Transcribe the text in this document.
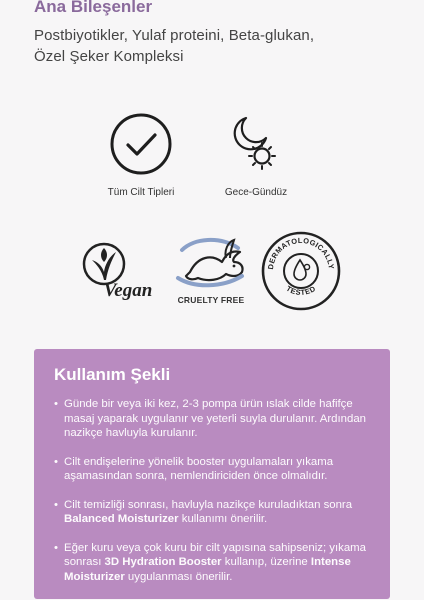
Ana Bileşenler

Postbiyotikler, Yulaf proteini, Beta-glukan,
Özel Şeker Kompleksi

Tüm Cilt Tipleri	Gece-Gündüz
Vegan	CRUELTY FREE
DERMATOLOGICALLY
TESTED
Kullanım Şekli
• Günde bir veya iki kez, 2-3 pompa ürün ıslak cilde hafifçe masaj yaparak uygulanır ve yeterli suyla durulanır. Ardından nazikçe havluyla kurulanır.
• Cilt endişelerine yönelik booster uygulamaları yıkama aşamasından sonra, nemlendiriciden önce olmalıdır.
• Cilt temizliği sonrası, havluyla nazikçe kuruladıktan sonra Balanced Moisturizer kullanımı önerilir.
• Eğer kuru veya çok kuru bir cilt yapısına sahipseniz; yıkama sonrası 3D Hydration Booster kullanıp, üzerine Intense Moisturizer uygulanması önerilir.
